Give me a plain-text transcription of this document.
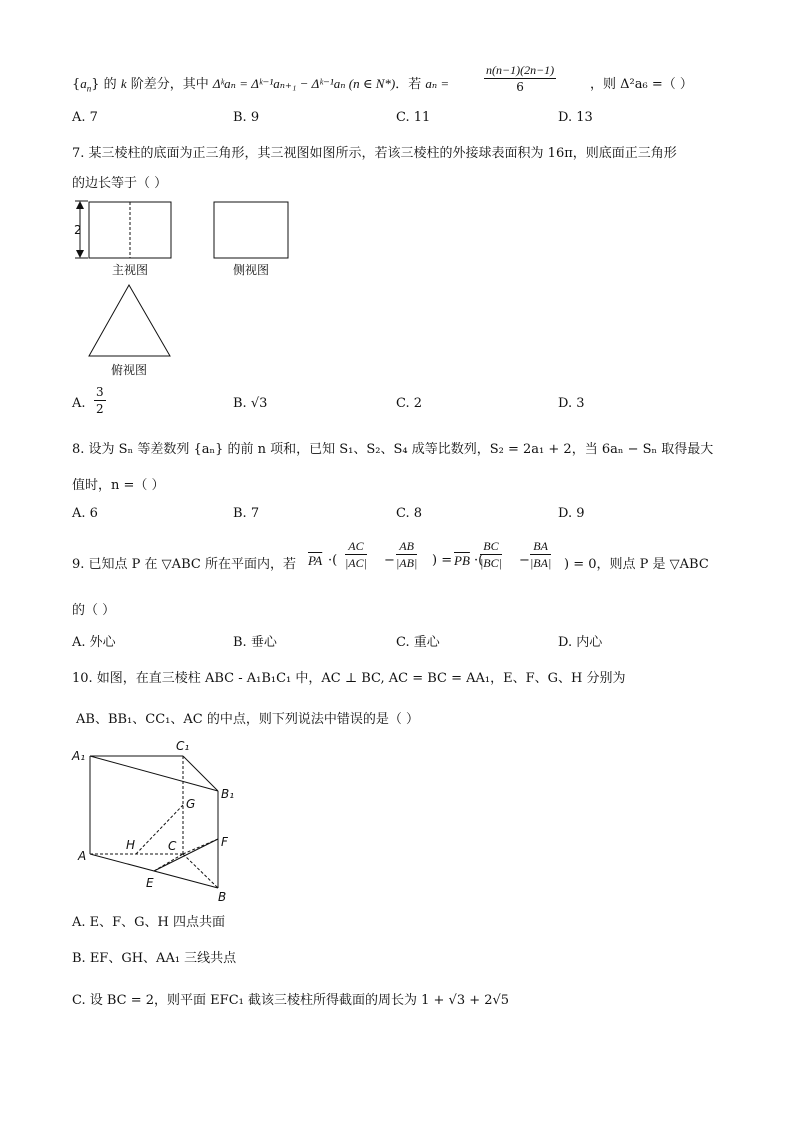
$\{a_n\}$ 的 k 阶差分，其中 Δᵏaₙ = Δᵏ⁻¹aₙ₊₁ − Δᵏ⁻¹aₙ (n ∈ N*)．若 aₙ =	$\frac{n(n-1)(2n-1)}{6}$	，则 Δ²a₆ =（ ）
A. 7	B. 9	C. 11	D. 13
7. 某三棱柱的底面为正三角形，其三视图如图所示，若该三棱柱的外接球表面积为 16π，则底面正三角形
的边长等于（ ）
2
主视图	侧视图
俯视图
A. $\frac{3}{2}$	B. √3	C. 2	D. 3
8. 设为 Sₙ 等差数列 {aₙ} 的前 n 项和，已知 S₁、S₂、S₄ 成等比数列，S₂ = 2a₁ + 2，当 6aₙ − Sₙ 取得最大
值时，n =（ ）
A. 6	B. 7	C. 8	D. 9
9. 已知点 P 在 ▽ABC 所在平面内，若 $\overline{PA}$ ·( $\frac{AC}{|AC|} - \frac{AB}{|AB|}$ ) = $\overline{PB}$ ·(
$\frac{BC}{|BC|} - \frac{BA}{|BA|}$ ) = 0，则点 P 是 ▽ABC
的（ ）
A. 外心	B. 垂心	C. 重心	D. 内心
10. 如图，在直三棱柱 ABC - A₁B₁C₁ 中，AC ⊥ BC, AC = BC = AA₁，E、F、G、H 分别为
AB、BB₁、CC₁、AC 的中点，则下列说法中错误的是（ ）
A₁
C₁
B₁
G
H	C	F
A
E
B
A. E、F、G、H 四点共面
B. EF、GH、AA₁ 三线共点
C. 设 BC = 2，则平面 EFC₁ 截该三棱柱所得截面的周长为 1 + √3 + 2√5
